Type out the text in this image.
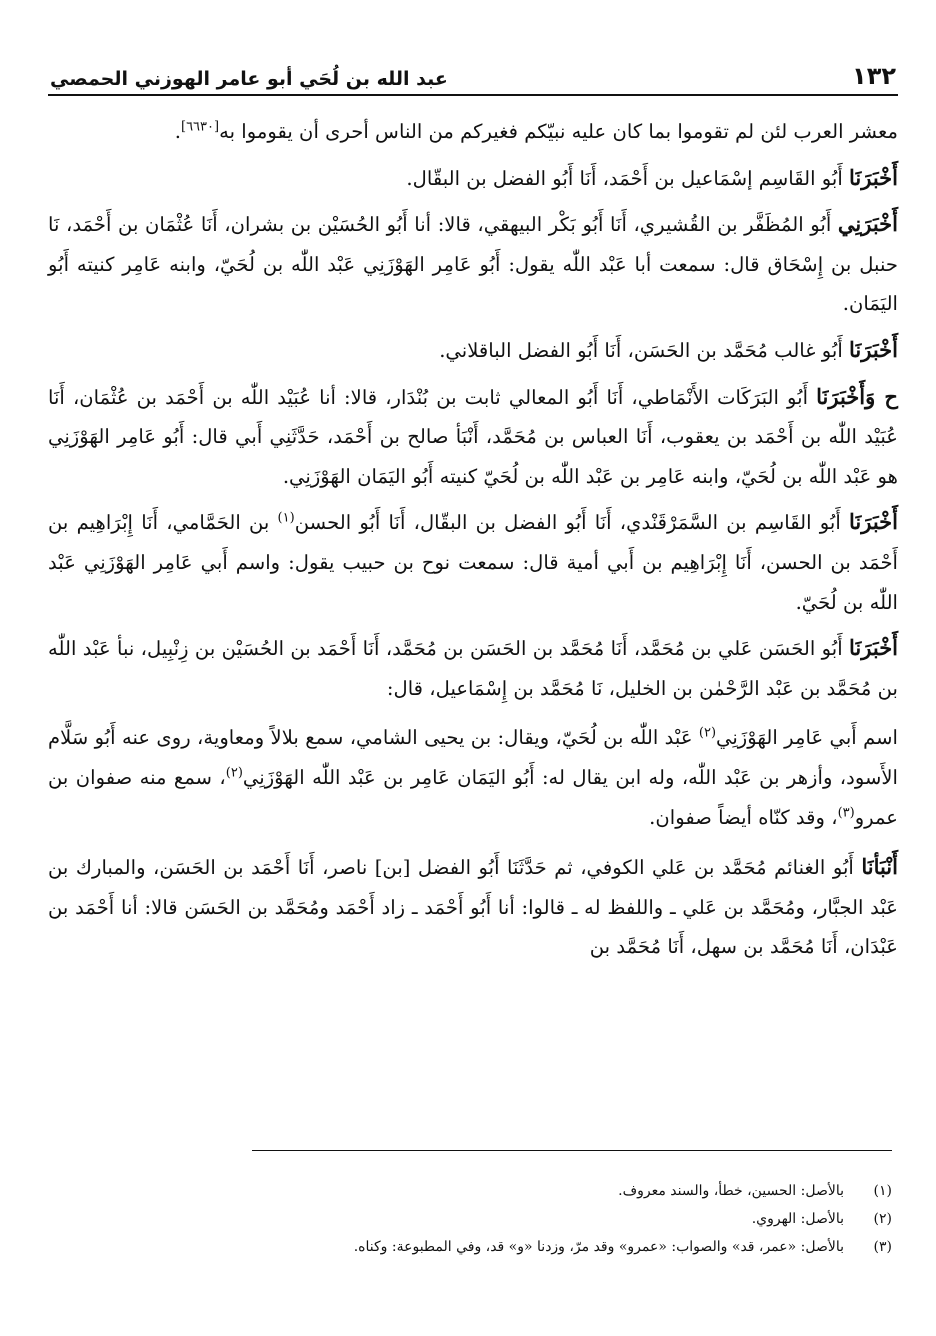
١٣٢
عبد الله بن لُحَي أبو عامر الهوزني الحمصي

معشر العرب لئن لم تقوموا بما كان عليه نبيّكم فغيركم من الناس أحرى أن يقوموا به[٦٦٣٠].

أَخْبَرَنَا أَبُو القَاسِم إسْمَاعيل بن أَحْمَد، أَنَا أَبُو الفضل بن البقّال.

أَخْبَرَنِي أَبُو المُظَفَّر بن القُشيري، أَنَا أَبُو بَكْر البيهقي، قالا: أنا أَبُو الحُسَيْن بن بشران، أَنَا عُثْمَان بن أَحْمَد، نَا حنبل بن إِسْحَاق قال: سمعت أبا عَبْد اللّٰه يقول: أَبُو عَامِر الهَوْزَنِي عَبْد اللّٰه بن لُحَيّ، وابنه عَامِر كنيته أَبُو اليَمَان.

أَخْبَرَنَا أَبُو غالب مُحَمَّد بن الحَسَن، أَنَا أَبُو الفضل الباقلاني.

ح وَأَخْبَرَنَا أَبُو البَرَكَات الأَنْمَاطي، أَنَا أَبُو المعالي ثابت بن بُنْدَار، قالا: أنا عُبَيْد اللّٰه بن أَحْمَد بن عُثْمَان، أَنَا عُبَيْد اللّٰه بن أَحْمَد بن يعقوب، أَنَا العباس بن مُحَمَّد، أَنْبَأ صالح بن أَحْمَد، حَدَّثَنِي أَبي قال: أَبُو عَامِر الهَوْزَنِي هو عَبْد اللّٰه بن لُحَيّ، وابنه عَامِر بن عَبْد اللّٰه بن لُحَيّ كنيته أَبُو اليَمَان الهَوْزَنِي.

أَخْبَرَنَا أَبُو القَاسِم بن السَّمَرْقَنْدي، أَنَا أَبُو الفضل بن البقّال، أَنَا أَبُو الحسن$^{(١)}$ بن الحَمَّامي، أَنَا إِبْرَاهِيم بن أَحْمَد بن الحسن، أَنَا إِبْرَاهِيم بن أَبي أمية قال: سمعت نوح بن حبيب يقول: واسم أَبي عَامِر الهَوْزَنِي عَبْد اللّٰه بن لُحَيّ.

أَخْبَرَنَا أَبُو الحَسَن عَلي بن مُحَمَّد، أَنَا مُحَمَّد بن الحَسَن بن مُحَمَّد، أَنَا أَحْمَد بن الحُسَيْن بن زِنْبِيل، نبأ عَبْد اللّٰه بن مُحَمَّد بن عَبْد الرَّحْمٰن بن الخليل، نَا مُحَمَّد بن إِسْمَاعيل، قال:

اسم أَبي عَامِر الهَوْزَنِي$^{(٢)}$ عَبْد اللّٰه بن لُحَيّ، ويقال: بن يحيى الشامي، سمع بلالاً ومعاوية، روى عنه أَبُو سَلَّام الأَسود، وأزهر بن عَبْد اللّٰه، وله ابن يقال له: أَبُو اليَمَان عَامِر بن عَبْد اللّٰه الهَوْزَنِي$^{(٢)}$، سمع منه صفوان بن عمرو$^{(٣)}$، وقد كنّاه أيضاً صفوان.

أَنْبَأنَا أَبُو الغنائم مُحَمَّد بن عَلي الكوفي، ثم حَدَّثَنَا أَبُو الفضل [بن] ناصر، أَنَا أَحْمَد بن الحَسَن، والمبارك بن عَبْد الجبَّار، ومُحَمَّد بن عَلي ـ واللفظ له ـ قالوا: أنا أَبُو أَحْمَد ـ زاد أَحْمَد ومُحَمَّد بن الحَسَن قالا: أنا أَحْمَد بن عَبْدَان، أَنَا مُحَمَّد بن سهل، أَنَا مُحَمَّد بن

(١)
بالأصل: الحسين، خطأ، والسند معروف.
(٢)
بالأصل: الهروي.
(٣)
بالأصل: «عمر، قد» والصواب: «عمرو» وقد مرّ، وزدنا «و» قد، وفي المطبوعة: وكناه.
